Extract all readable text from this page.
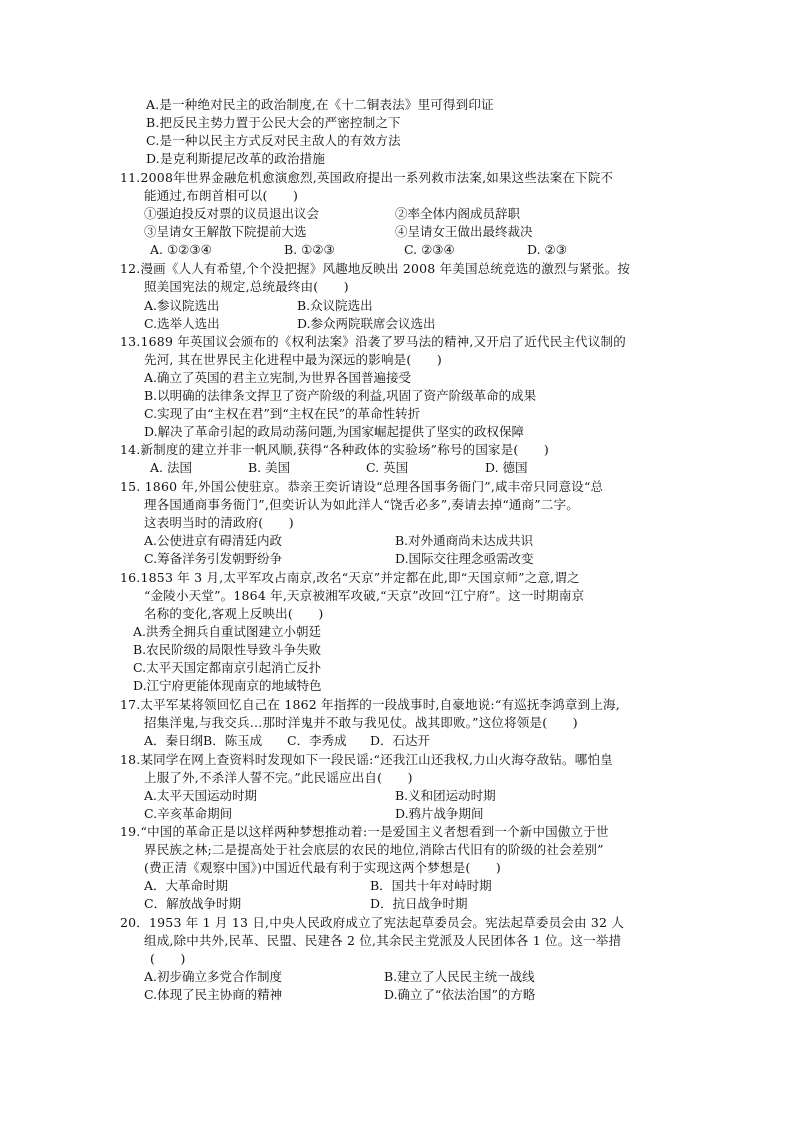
A.是一种绝对民主的政治制度,在《十二铜表法》里可得到印证
B.把反民主势力置于公民大会的严密控制之下
C.是一种以民主方式反对民主敌人的有效方法
D.是克利斯提尼改革的政治措施
11.2008年世界金融危机愈演愈烈,英国政府提出一系列救市法案,如果这些法案在下院不
能通过,布朗首相可以(　　)
①强迫投反对票的议员退出议会	②率全体内阁成员辞职
③呈请女王解散下院提前大选	④呈请女王做出最终裁决
A. ①②③④	B. ①②③	C. ②③④	D. ②③
12.漫画《人人有希望,个个没把握》风趣地反映出 2008 年美国总统竞选的激烈与紧张。按
照美国宪法的规定,总统最终由(　　)
A.参议院选出	B.众议院选出
C.选举人选出	D.参众两院联席会议选出
13.1689 年英国议会颁布的《权利法案》沿袭了罗马法的精神,又开启了近代民主代议制的
先河, 其在世界民主化进程中最为深远的影响是(　　)
A.确立了英国的君主立宪制,为世界各国普遍接受
B.以明确的法律条文捍卫了资产阶级的利益,巩固了资产阶级革命的成果
C.实现了由“主权在君”到“主权在民”的革命性转折
D.解决了革命引起的政局动荡问题,为国家崛起提供了坚实的政权保障
14.新制度的建立并非一帆风顺,获得“各种政体的实验场”称号的国家是(　　)
A. 法国	B. 美国	C. 英国	D. 德国
15. 1860 年,外国公使驻京。恭亲王奕䜣请设“总理各国事务衙门”,咸丰帝只同意设“总
理各国通商事务衙门”,但奕䜣认为如此洋人“饶舌必多”,奏请去掉“通商”二字。
这表明当时的清政府(　　)
A.公使进京有碍清廷内政	B.对外通商尚未达成共识
C.筹备洋务引发朝野纷争	D.国际交往理念亟需改变
16.1853 年 3 月,太平军攻占南京,改名“天京”并定都在此,即“天国京师”之意,谓之
“金陵小天堂”。1864 年,天京被湘军攻破,“天京”改回“江宁府”。这一时期南京
名称的变化,客观上反映出(　　)
A.洪秀全拥兵自重试图建立小朝廷
B.农民阶级的局限性导致斗争失败
C.太平天国定都南京引起消亡反扑
D.江宁府更能体现南京的地域特色
17.太平军某将领回忆自己在 1862 年指挥的一段战事时,自豪地说:“有巡抚李鸿章到上海,
招集洋鬼,与我交兵…那时洋鬼并不敢与我见仗。战其即败。”这位将领是(　　)
A．秦日纲B．陈玉成 C．李秀成 D．石达开
18.某同学在网上查资料时发现如下一段民谣:“还我江山还我权,力山火海夺敌钻。哪怕皇
上服了外,不杀洋人誓不完。”此民谣应出自(　　)
A.太平天国运动时期	B.义和团运动时期
C.辛亥革命期间	D.鸦片战争期间
19.“中国的革命正是以这样两种梦想推动着:一是爱国主义者想看到一个新中国傲立于世
界民族之林;二是提高处于社会底层的农民的地位,消除古代旧有的阶级的社会差别”
(费正清《观察中国》)中国近代最有利于实现这两个梦想是(　　)
A．大革命时期	B．国共十年对峙时期
C．解放战争时期	D．抗日战争时期
20．1953 年 1 月 13 日,中央人民政府成立了宪法起草委员会。宪法起草委员会由 32 人
组成,除中共外,民革、民盟、民建各 2 位,其余民主党派及人民团体各 1 位。这一举措
(　　)
A.初步确立多党合作制度	B.建立了人民民主统一战线
C.体现了民主协商的精神	D.确立了“依法治国”的方略
